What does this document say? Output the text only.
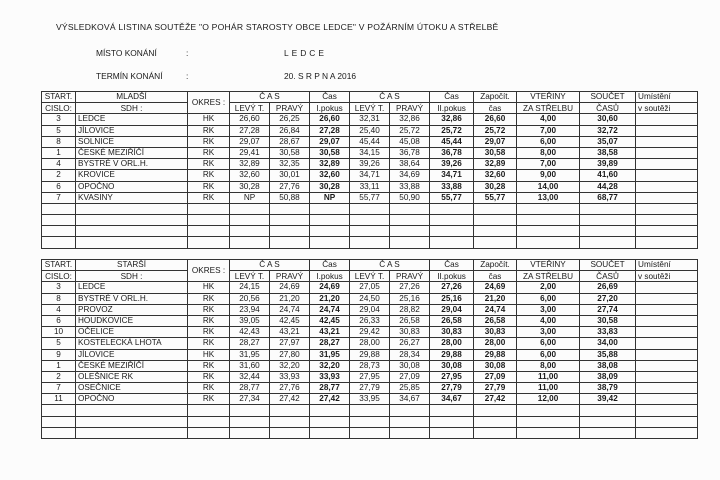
VÝSLEDKOVÁ LISTINA SOUTĚŽE "O POHÁR STAROSTY OBCE LEDCE" V POŽÁRNÍM ÚTOKU A STŘELBĚ
MÍSTO KONÁNÍ	:	LEDCE
TERMÍN KONÁNÍ	:	20. S R P N A 2016
START.	MLADŠÍ	OKRES :	Č A S		Čas	Č A S		Čas	Započít.	VTEŘINY	SOUČET	Umístění
CISLO:	SDH :		LEVÝ T.	PRAVÝ	I.pokus	LEVÝ T.	PRAVÝ	II.pokus	čas	ZA STŘELBU	ČASŮ	v soutěži
3	LEDCE	HK	26,60	26,25	26,60	32,31	32,86	32,86	26,60	4,00	30,60	
5	JÍLOVICE	RK	27,28	26,84	27,28	25,40	25,72	25,72	25,72	7,00	32,72	
8	SOLNICE	RK	29,07	28,67	29,07	45,44	45,08	45,44	29,07	6,00	35,07	
1	ČESKÉ MEZIŘÍČÍ	RK	29,41	30,58	30,58	34,15	36,78	36,78	30,58	8,00	38,58	
4	BYSTRÉ V ORL.H.	RK	32,89	32,35	32,89	39,26	38,64	39,26	32,89	7,00	39,89	
2	KROVICE	RK	32,60	30,01	32,60	34,71	34,69	34,71	32,60	9,00	41,60	
6	OPOČNO	RK	30,28	27,76	30,28	33,11	33,88	33,88	30,28	14,00	44,28	
7	KVASINY	RK	NP	50,88	NP	55,77	50,90	55,77	55,77	13,00	68,77	

START.	STARŠÍ	OKRES :	Č A S		Čas	Č A S		Čas	Započít.	VTEŘINY	SOUČET	Umístění
CISLO:	SDH :		LEVÝ T.	PRAVÝ	I.pokus	LEVÝ T.	PRAVÝ	II.pokus	čas	ZA STŘELBU	ČASŮ	v soutěži
3	LEDCE	HK	24,15	24,69	24,69	27,05	27,26	27,26	24,69	2,00	26,69	
8	BYSTRÉ V ORL.H.	RK	20,56	21,20	21,20	24,50	25,16	25,16	21,20	6,00	27,20	
4	PROVOZ	RK	23,94	24,74	24,74	29,04	28,82	29,04	24,74	3,00	27,74	
6	HOUDKOVICE	RK	39,05	42,45	42,45	26,33	26,58	26,58	26,58	4,00	30,58	
10	OČELICE	RK	42,43	43,21	43,21	29,42	30,83	30,83	30,83	3,00	33,83	
5	KOSTELECKÁ LHOTA	RK	28,27	27,97	28,27	28,00	26,27	28,00	28,00	6,00	34,00	
9	JÍLOVICE	HK	31,95	27,80	31,95	29,88	28,34	29,88	29,88	6,00	35,88	
1	ČESKÉ MEZIŘÍČÍ	RK	31,60	32,20	32,20	28,73	30,08	30,08	30,08	8,00	38,08	
2	OLEŠNICE RK	RK	32,44	33,93	33,93	27,95	27,09	27,95	27,09	11,00	38,09	
7	OSEČNICE	RK	28,77	27,76	28,77	27,79	25,85	27,79	27,79	11,00	38,79	
11	OPOČNO	RK	27,34	27,42	27,42	33,95	34,67	34,67	27,42	12,00	39,42	
